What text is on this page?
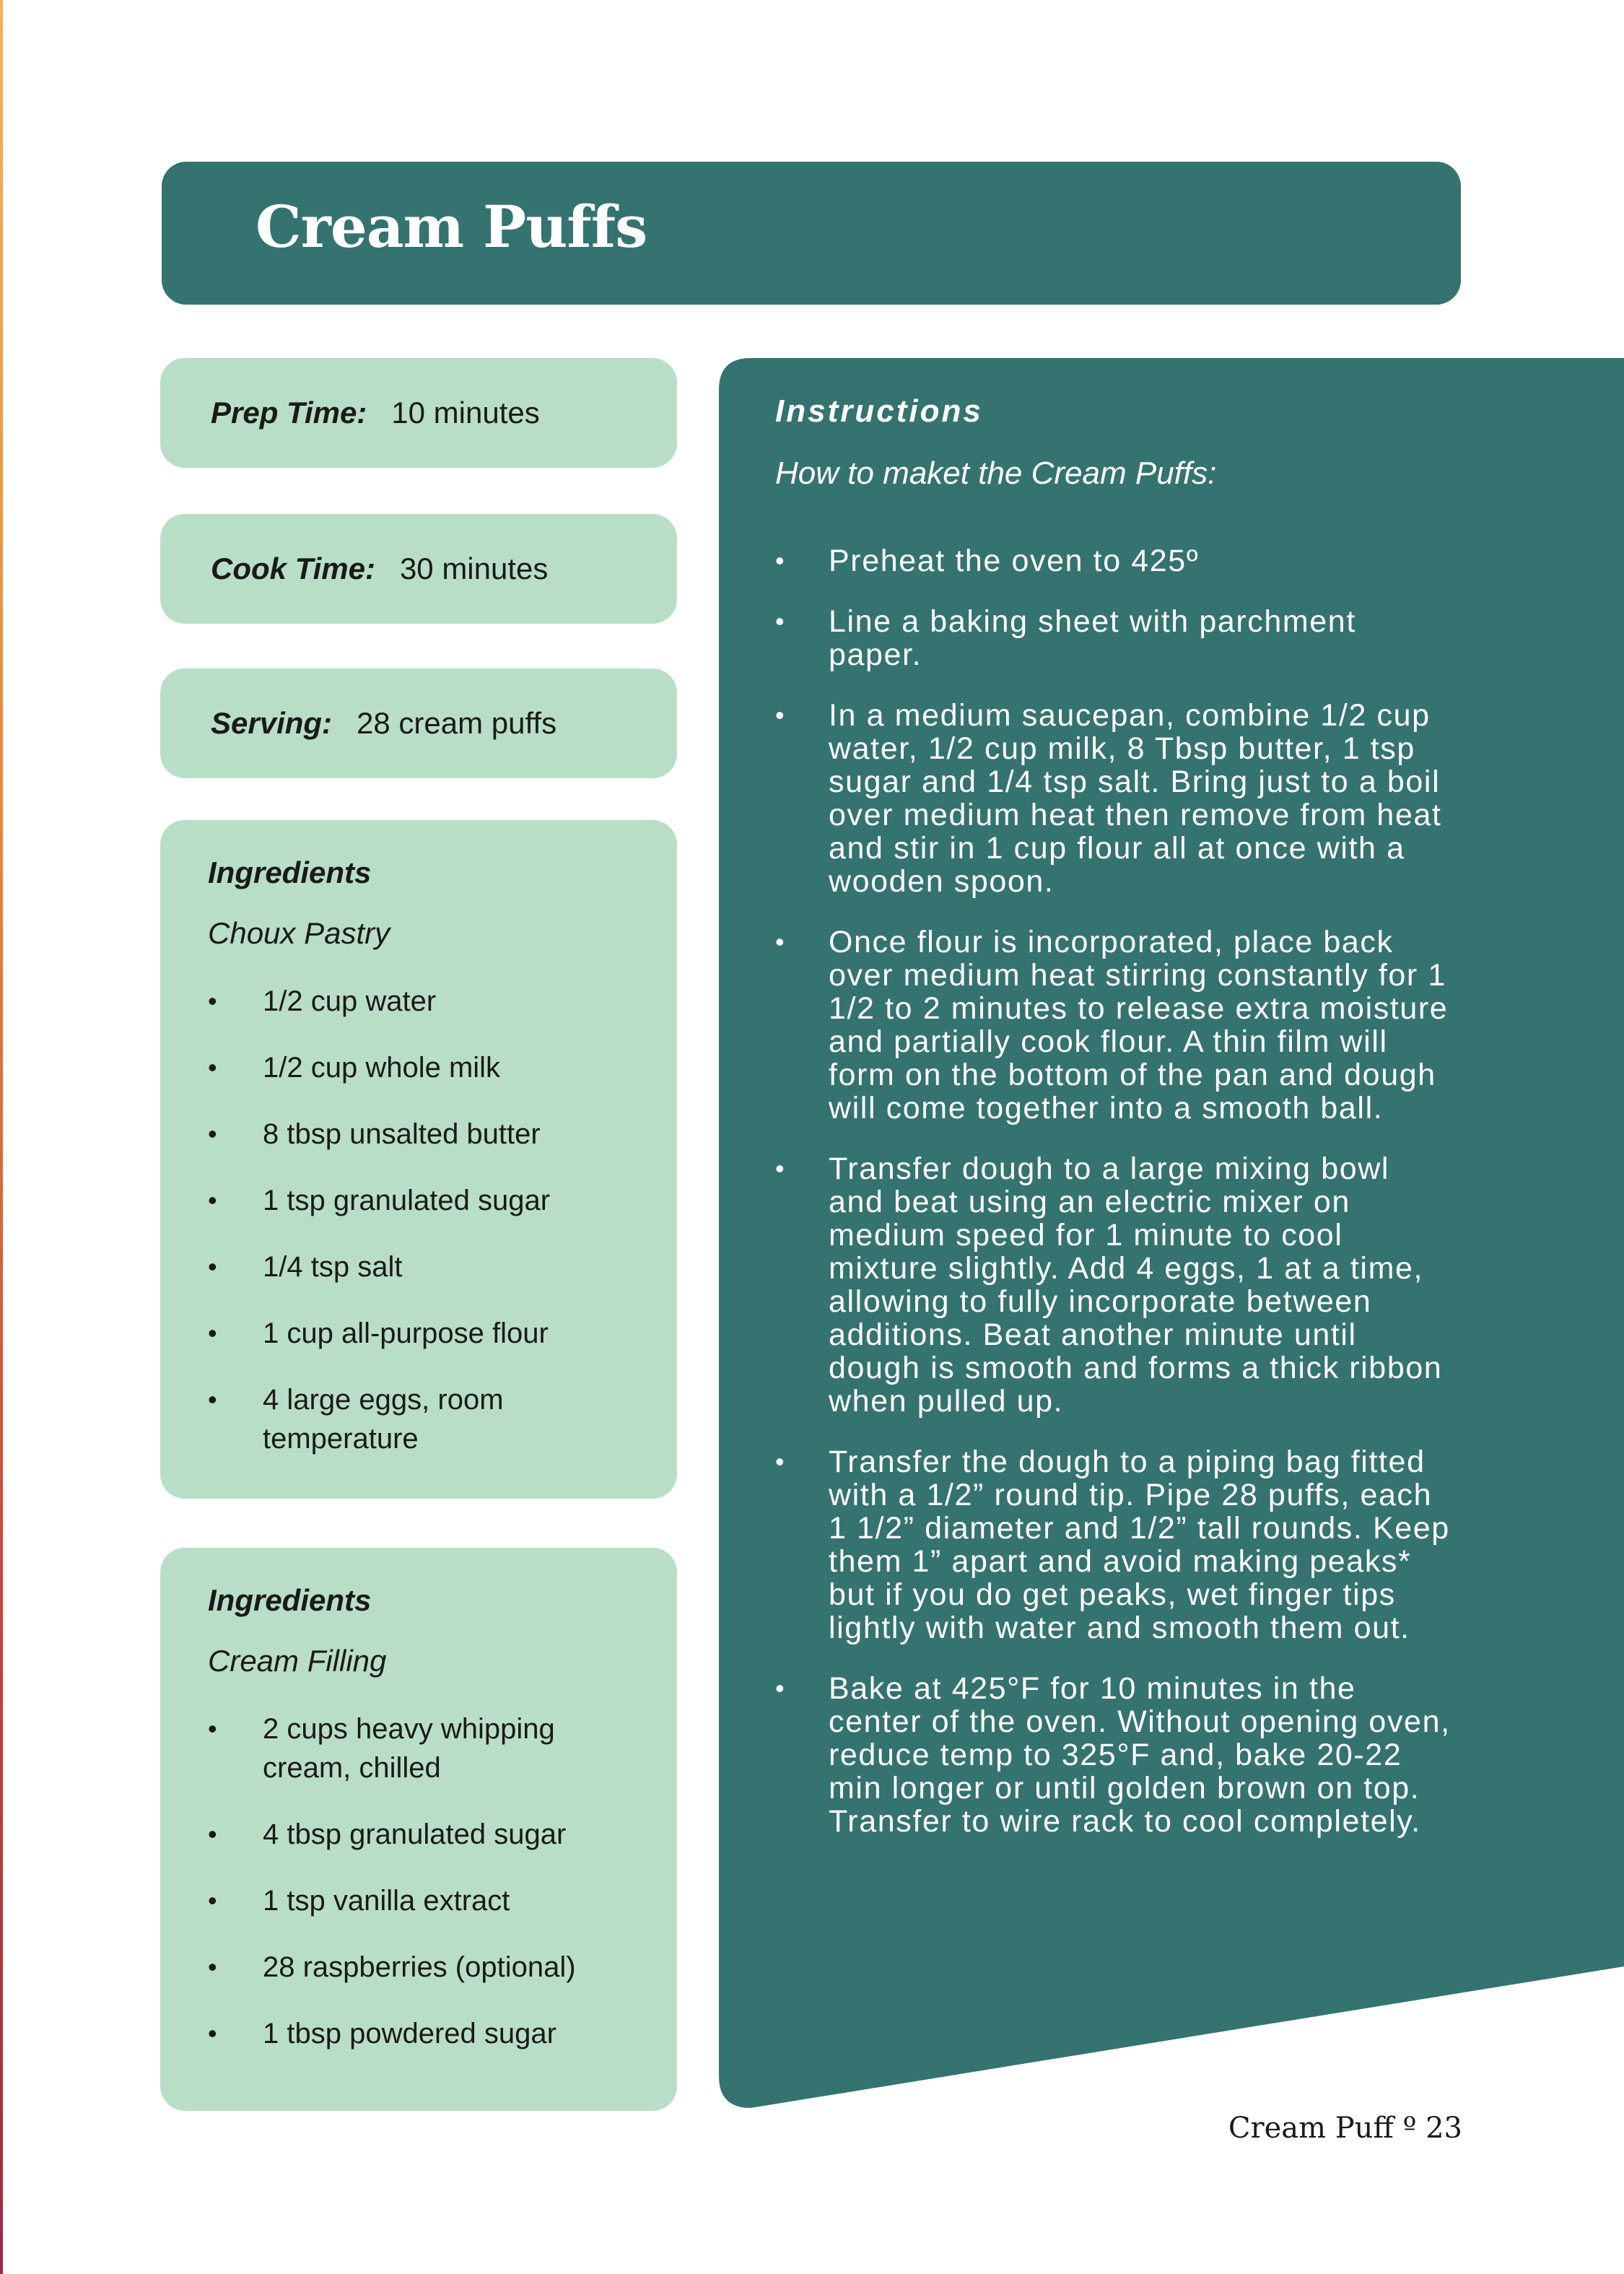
Cream Puffs
Prep Time: 10 minutes
Cook Time: 30 minutes
Serving: 28 cream puffs
Ingredients
Choux Pastry
• 1/2 cup water
• 1/2 cup whole milk
• 8 tbsp unsalted butter
• 1 tsp granulated sugar
• 1/4 tsp salt
• 1 cup all-purpose flour
• 4 large eggs, room temperature
Ingredients
Cream Filling
• 2 cups heavy whipping cream, chilled
• 4 tbsp granulated sugar
• 1 tsp vanilla extract
• 28 raspberries (optional)
• 1 tbsp powdered sugar
Instructions
How to maket the Cream Puffs:
• Preheat the oven to 425º
• Line a baking sheet with parchment paper.
• In a medium saucepan, combine 1/2 cup water, 1/2 cup milk, 8 Tbsp butter, 1 tsp sugar and 1/4 tsp salt. Bring just to a boil over medium heat then remove from heat and stir in 1 cup flour all at once with a wooden spoon.
• Once flour is incorporated, place back over medium heat stirring constantly for 1 1/2 to 2 minutes to release extra moisture and partially cook flour. A thin film will form on the bottom of the pan and dough will come together into a smooth ball.
• Transfer dough to a large mixing bowl and beat using an electric mixer on medium speed for 1 minute to cool mixture slightly. Add 4 eggs, 1 at a time, allowing to fully incorporate between additions. Beat another minute until dough is smooth and forms a thick ribbon when pulled up.
• Transfer the dough to a piping bag fitted with a 1/2” round tip. Pipe 28 puffs, each 1 1/2” diameter and 1/2” tall rounds. Keep them 1” apart and avoid making peaks* but if you do get peaks, wet finger tips lightly with water and smooth them out.
• Bake at 425°F for 10 minutes in the center of the oven. Without opening oven, reduce temp to 325°F and, bake 20-22 min longer or until golden brown on top. Transfer to wire rack to cool completely.
Cream Puff º 23
